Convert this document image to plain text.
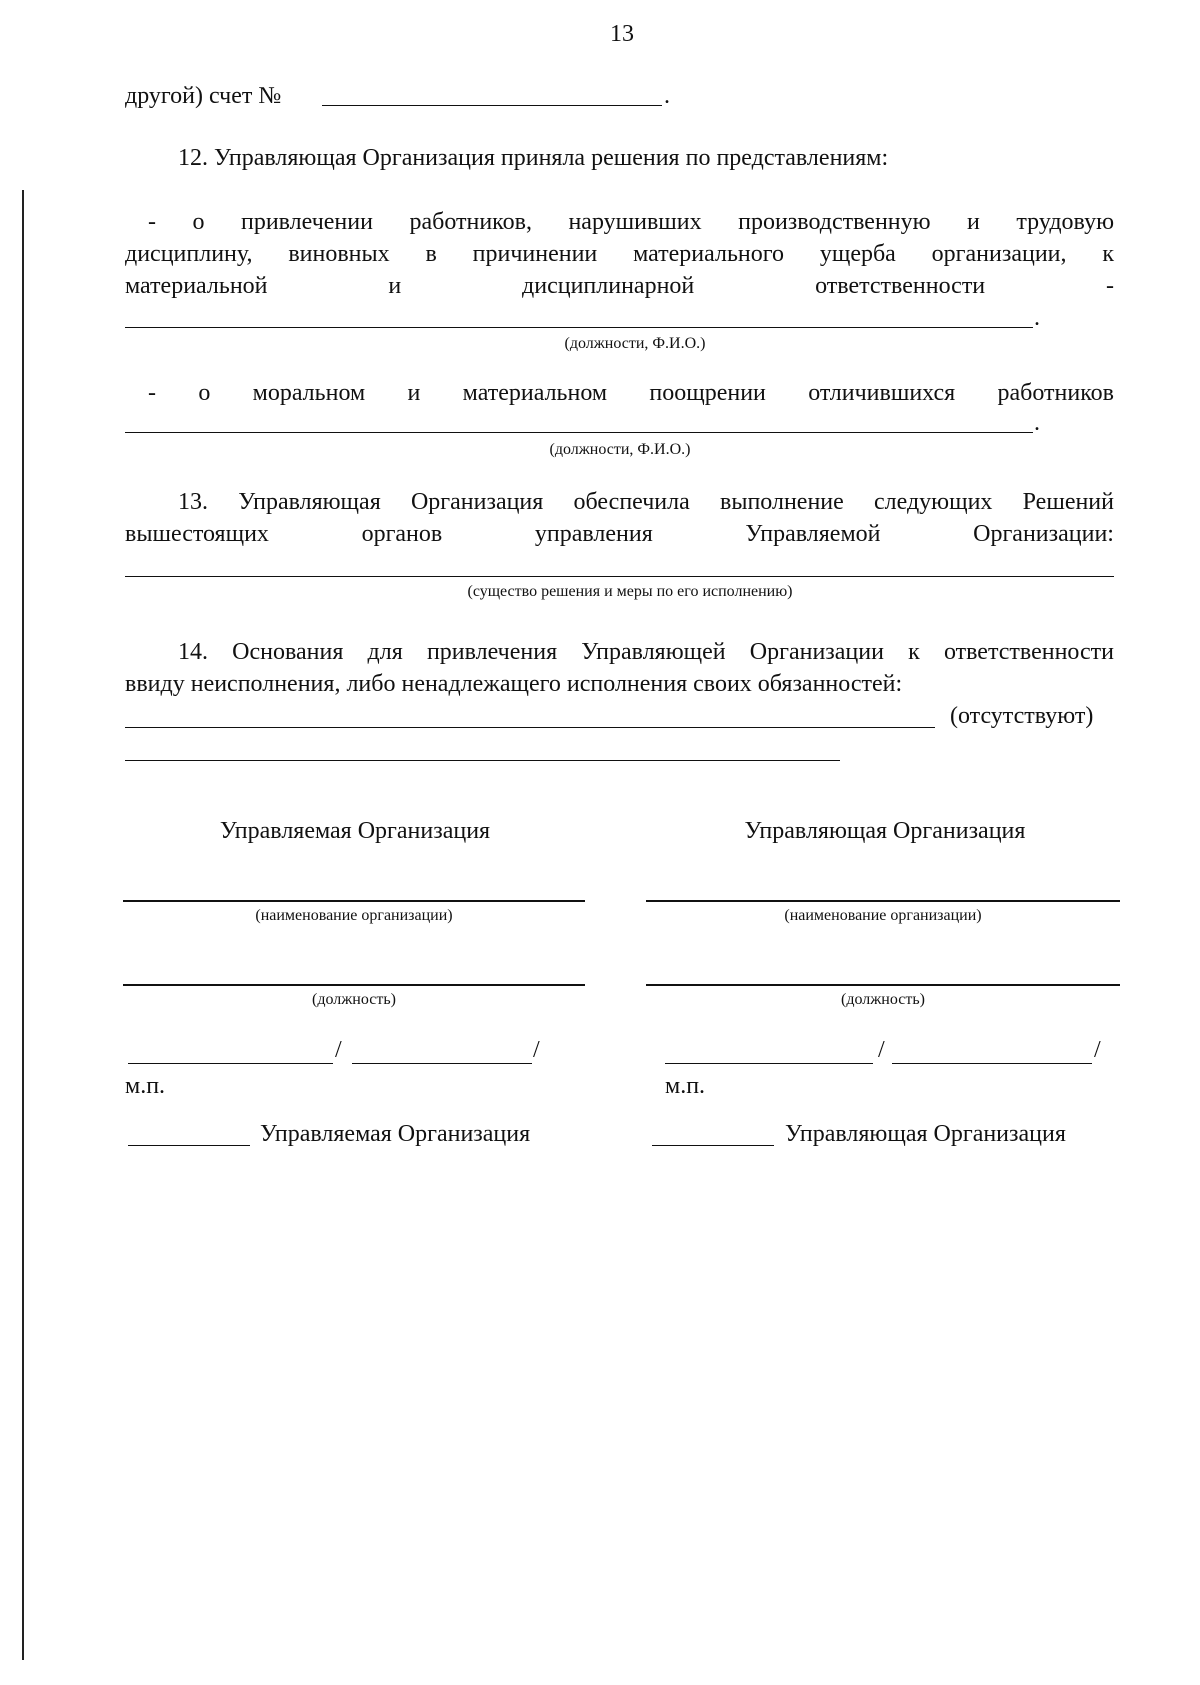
13
другой) счет №	.
12. Управляющая Организация приняла решения по представлениям:
- о привлечении работников, нарушивших производственную и трудовую
дисциплину, виновных в причинении материального ущерба организации, к
материальной	и	дисциплинарной	ответственности	-
.
(должности, Ф.И.О.)
- о моральном и материальном поощрении отличившихся работников
.
(должности, Ф.И.О.)
13. Управляющая Организация обеспечила выполнение следующих Решений
вышестоящих	органов	управления	Управляемой	Организации:
(существо решения и меры по его исполнению)
14. Основания для привлечения Управляющей Организации к ответственности
ввиду неисполнения, либо ненадлежащего исполнения своих обязанностей:
(отсутствуют)
Управляемая Организация
(наименование организации)
(должность)
/	/
м.п.
Управляемая Организация
Управляющая Организация
(наименование организации)
(должность)
/	/
м.п.
Управляющая Организация
